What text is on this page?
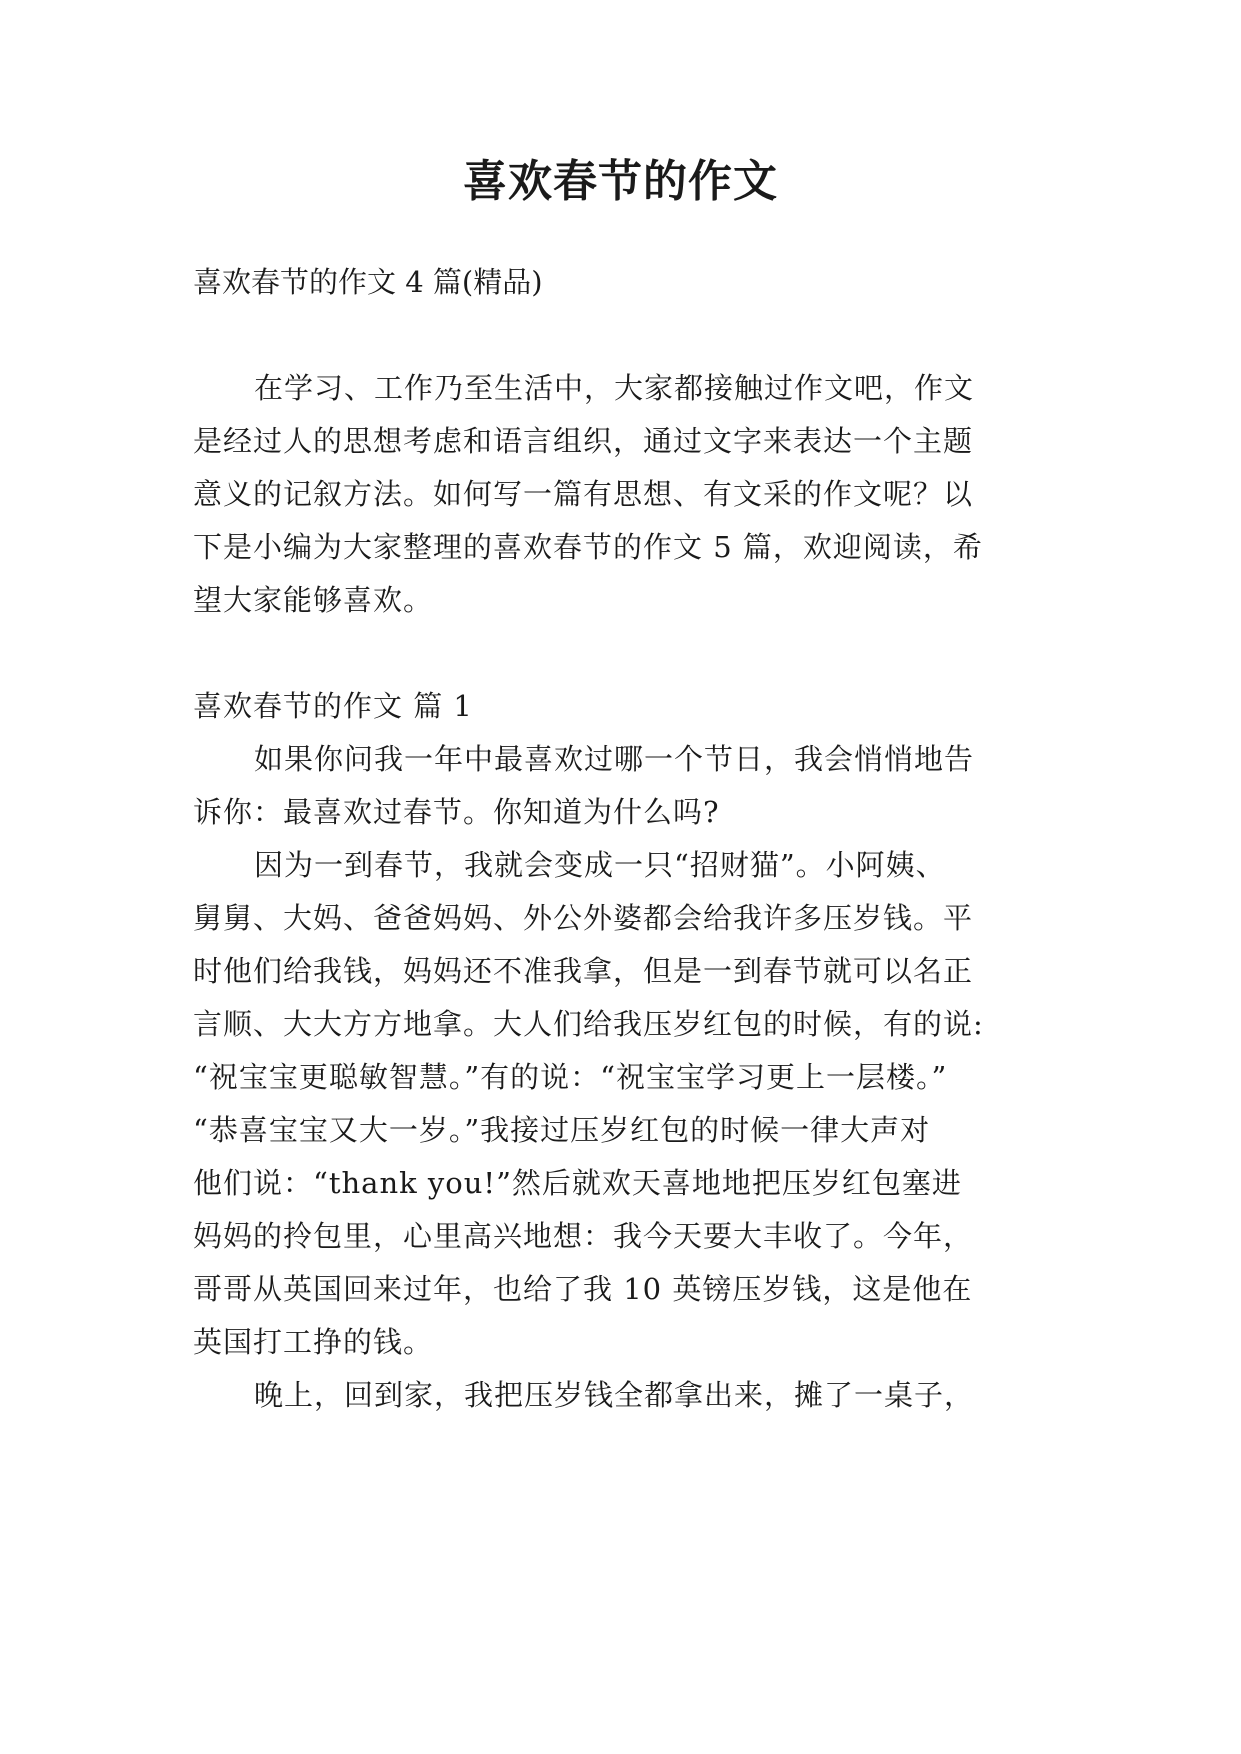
喜欢春节的作文

喜欢春节的作文 4 篇(精品)

在学习、工作乃至生活中，大家都接触过作文吧，作文

是经过人的思想考虑和语言组织，通过文字来表达一个主题

意义的记叙方法。如何写一篇有思想、有文采的作文呢？以

下是小编为大家整理的喜欢春节的作文 5 篇，欢迎阅读，希

望大家能够喜欢。

喜欢春节的作文 篇 1

如果你问我一年中最喜欢过哪一个节日，我会悄悄地告

诉你：最喜欢过春节。你知道为什么吗?

因为一到春节，我就会变成一只“招财猫”。小阿姨、

舅舅、大妈、爸爸妈妈、外公外婆都会给我许多压岁钱。平

时他们给我钱，妈妈还不准我拿，但是一到春节就可以名正

言顺、大大方方地拿。大人们给我压岁红包的时候，有的说:

“祝宝宝更聪敏智慧。”有的说：“祝宝宝学习更上一层楼。”

“恭喜宝宝又大一岁。”我接过压岁红包的时候一律大声对

他们说：“thank you!”然后就欢天喜地地把压岁红包塞进

妈妈的拎包里，心里高兴地想：我今天要大丰收了。今年，

哥哥从英国回来过年，也给了我 10 英镑压岁钱，这是他在

英国打工挣的钱。

晚上，回到家，我把压岁钱全都拿出来，摊了一桌子，
